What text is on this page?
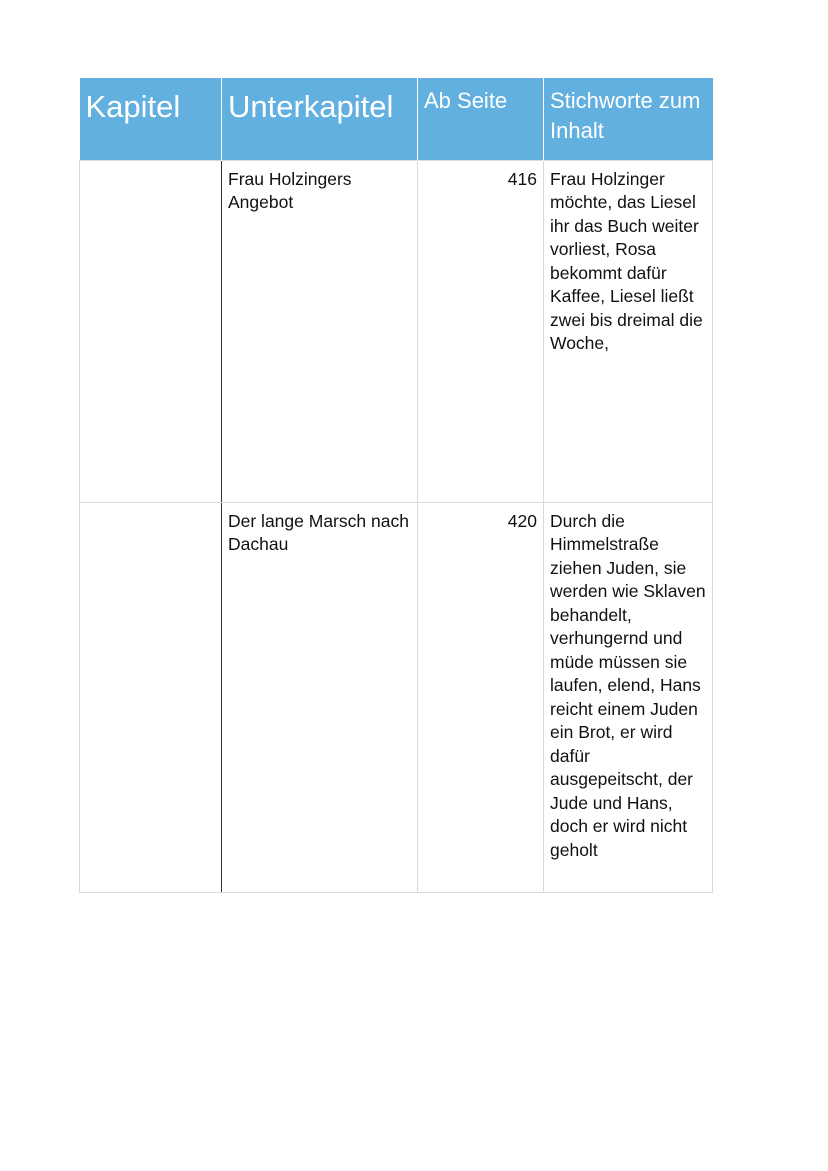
Kapitel	Unterkapitel	Ab Seite	Stichworte zum Inhalt
	Frau Holzingers Angebot	416	Frau Holzinger möchte, das Liesel ihr das Buch weiter vorliest, Rosa bekommt dafür Kaffee, Liesel ließt zwei bis dreimal die Woche,
	Der lange Marsch nach Dachau	420	Durch die Himmelstraße ziehen Juden, sie werden wie Sklaven behandelt, verhungernd und müde müssen sie laufen, elend, Hans reicht einem Juden ein Brot, er wird dafür ausgepeitscht, der Jude und Hans, doch er wird nicht geholt
